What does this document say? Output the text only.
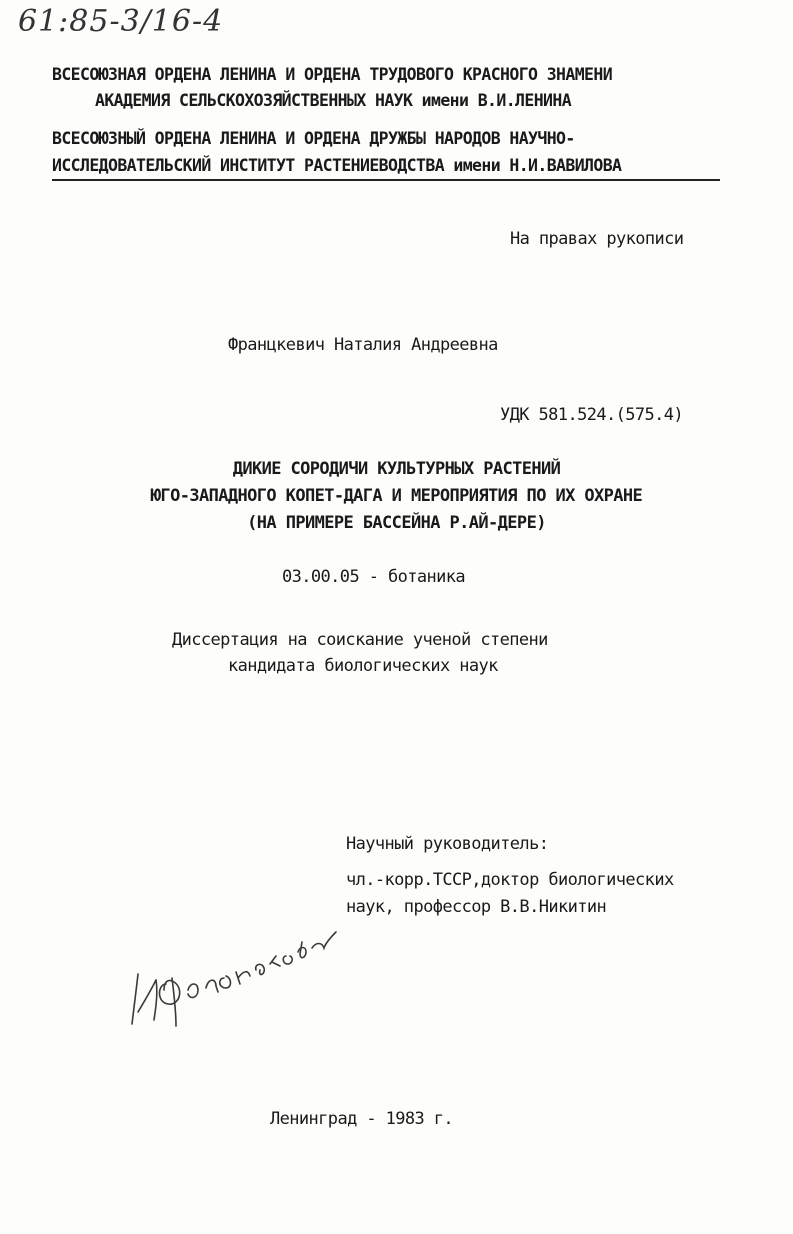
61:85-3/16-4
ВСЕСОЮЗНАЯ ОРДЕНА ЛЕНИНА И ОРДЕНА ТРУДОВОГО КРАСНОГО ЗНАМЕНИ
АКАДЕМИЯ СЕЛЬСКОХОЗЯЙСТВЕННЫХ НАУК имени В.И.ЛЕНИНА
ВСЕСОЮЗНЫЙ ОРДЕНА ЛЕНИНА И ОРДЕНА ДРУЖБЫ НАРОДОВ НАУЧНО-
ИССЛЕДОВАТЕЛЬСКИЙ ИНСТИТУТ РАСТЕНИЕВОДСТВА имени Н.И.ВАВИЛОВА
На правах рукописи
Францкевич Наталия Андреевна
УДК 581.524.(575.4)
ДИКИЕ СОРОДИЧИ КУЛЬТУРНЫХ РАСТЕНИЙ
ЮГО-ЗАПАДНОГО КОПЕТ-ДАГА И МЕРОПРИЯТИЯ ПО ИХ ОХРАНЕ
(НА ПРИМЕРЕ БАССЕЙНА Р.АЙ-ДЕРЕ)
03.00.05 - ботаника
Диссертация на соискание ученой степени
кандидата биологических наук
Научный руководитель:
чл.-корр.ТССР,доктор биологических
наук, профессор В.В.Никитин
Н.Францкевич
Ленинград - 1983 г.
